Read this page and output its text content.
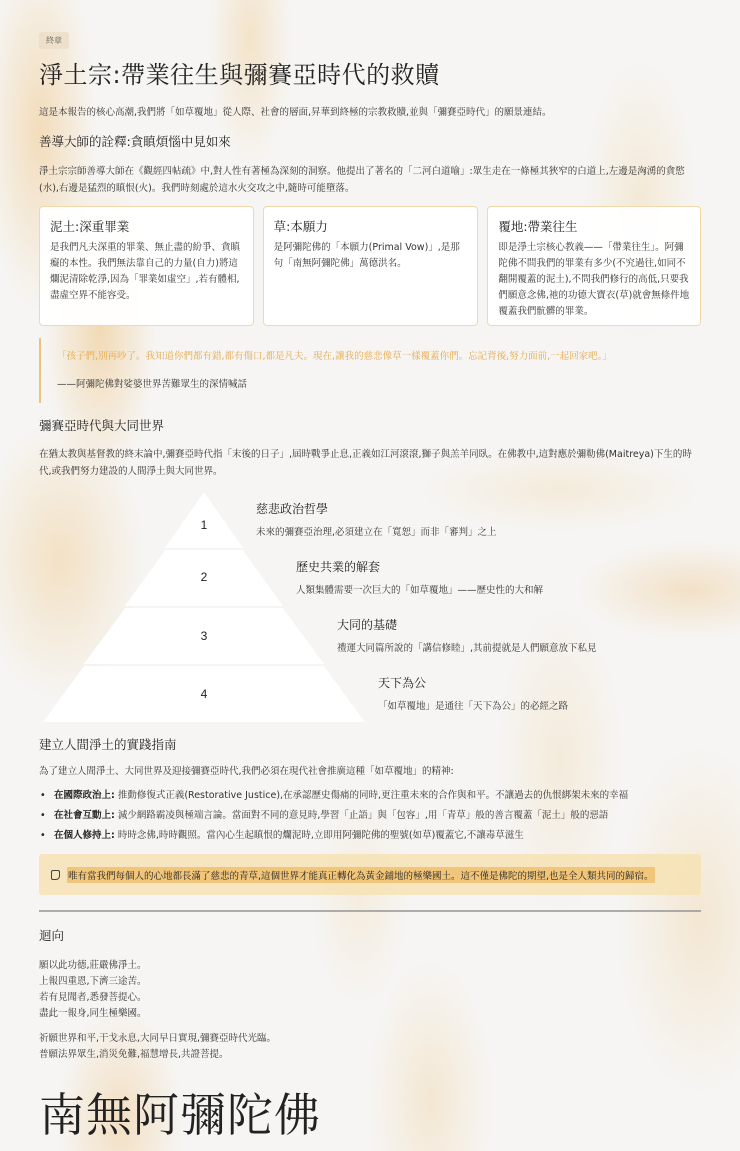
終章
淨土宗:帶業往生與彌賽亞時代的救贖

這是本報告的核心高潮,我們將「如草覆地」從人際、社會的層面,昇華到終極的宗教救贖,並與「彌賽亞時代」的願景連結。

善導大師的詮釋:貪瞋煩惱中見如來

淨土宗宗師善導大師在《觀經四帖疏》中,對人性有著極為深刻的洞察。他提出了著名的「二河白道喻」:眾生走在一條極其狹窄的白道上,左邊是洶湧的貪慾(水),右邊是猛烈的瞋恨(火)。我們時刻處於這水火交攻之中,隨時可能墮落。

泥土:深重罪業
是我們凡夫深重的罪業、無止盡的紛爭、貪瞋癡的本性。我們無法靠自己的力量(自力)將這爛泥清除乾淨,因為「罪業如虛空」,若有體相,盡虛空界不能容受。
草:本願力
是阿彌陀佛的「本願力(Primal Vow)」,是那句「南無阿彌陀佛」萬德洪名。
覆地:帶業往生
即是淨土宗核心教義——「帶業往生」。阿彌陀佛不問我們的罪業有多少(不究過往,如同不翻開覆蓋的泥土),不問我們修行的高低,只要我們願意念佛,祂的功德大寶衣(草)就會無條件地覆蓋我們骯髒的罪業。
「孩子們,別再吵了。我知道你們都有錯,都有傷口,都是凡夫。現在,讓我的慈悲像草一樣覆蓋你們。忘記背後,努力面前,一起回家吧。」
——阿彌陀佛對娑婆世界苦難眾生的深情喊話
彌賽亞時代與大同世界

在猶太教與基督教的終末論中,彌賽亞時代指「末後的日子」,屆時戰爭止息,正義如江河滾滾,獅子與羔羊同臥。在佛教中,這對應於彌勒佛(Maitreya)下生的時代,或我們努力建設的人間淨土與大同世界。

1
慈悲政治哲學
未來的彌賽亞治理,必須建立在「寬恕」而非「審判」之上
2
歷史共業的解套
人類集體需要一次巨大的「如草覆地」——歷史性的大和解
3
大同的基礎
禮運大同篇所說的「講信修睦」,其前提就是人們願意放下私見
4
天下為公
「如草覆地」是通往「天下為公」的必經之路
建立人間淨土的實踐指南

為了建立人間淨土、大同世界及迎接彌賽亞時代,我們必須在現代社會推廣這種「如草覆地」的精神:

• 在國際政治上: 推動修復式正義(Restorative Justice),在承認歷史傷痛的同時,更注重未來的合作與和平。不讓過去的仇恨綁架未來的幸福
• 在社會互動上: 減少網路霸凌與極端言論。當面對不同的意見時,學習「止語」與「包容」,用「青草」般的善言覆蓋「泥土」般的惡語
• 在個人修持上: 時時念佛,時時觀照。當內心生起瞋恨的爛泥時,立即用阿彌陀佛的聖號(如草)覆蓋它,不讓毒草滋生
唯有當我們每個人的心地都長滿了慈悲的青草,這個世界才能真正轉化為黃金鋪地的極樂國土。這不僅是佛陀的期望,也是全人類共同的歸宿。
迴向
願以此功德,莊嚴佛淨土。
上報四重恩,下濟三途苦。
若有見聞者,悉發菩提心。
盡此一報身,同生極樂國。
祈願世界和平,干戈永息,大同早日實現,彌賽亞時代光臨。
普願法界眾生,消災免難,福慧增長,共證菩提。
南無阿彌陀佛
